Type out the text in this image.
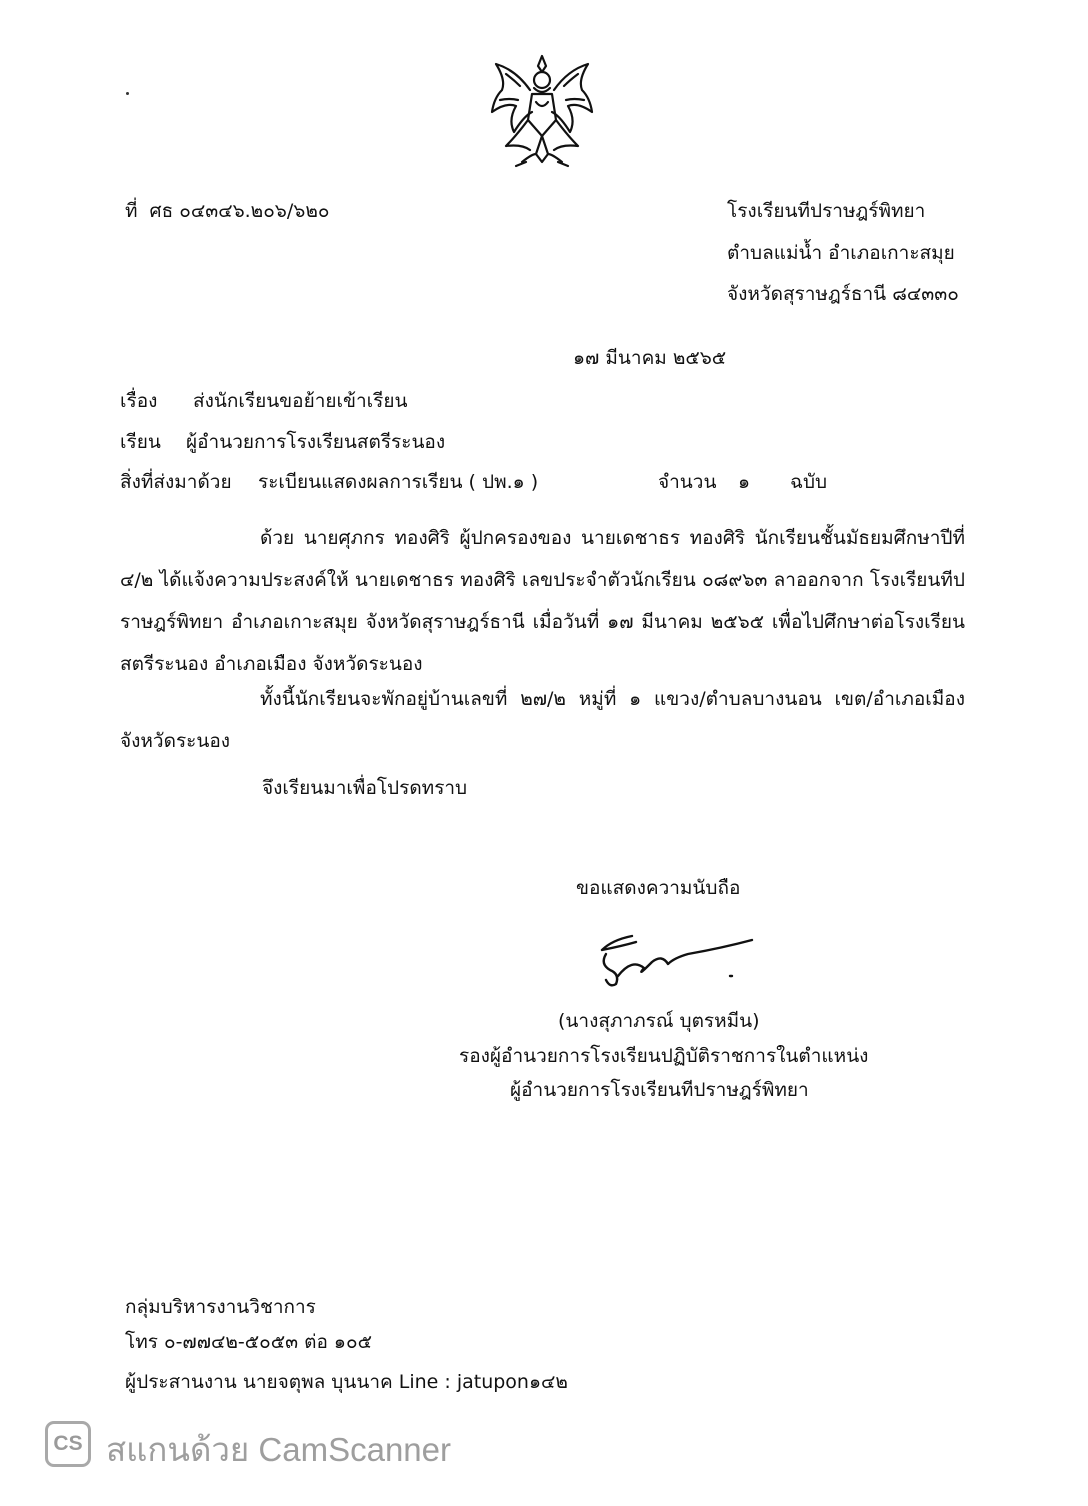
ที่ ศธ ๐๔๓๔๖.๒๐๖/๖๒๐	โรงเรียนทีปราษฎร์พิทยา
ตำบลแม่น้ำ อำเภอเกาะสมุย
จังหวัดสุราษฎร์ธานี ๘๔๓๓๐
๑๗ มีนาคม ๒๕๖๕
เรื่อง ส่งนักเรียนขอย้ายเข้าเรียน
เรียน ผู้อำนวยการโรงเรียนสตรีระนอง
สิ่งที่ส่งมาด้วย ระเบียนแสดงผลการเรียน ( ปพ.๑ )	จำนวน ๑ ฉบับ
ด้วย นายศุภกร ทองศิริ ผู้ปกครองของ นายเดชาธร ทองศิริ นักเรียนชั้นมัธยมศึกษาปีที่ ๔/๒ ได้แจ้งความประสงค์ให้ นายเดชาธร ทองศิริ เลขประจำตัวนักเรียน ๐๘๙๖๓ ลาออกจาก โรงเรียนทีปราษฎร์พิทยา อำเภอเกาะสมุย จังหวัดสุราษฎร์ธานี เมื่อวันที่ ๑๗ มีนาคม ๒๕๖๕ เพื่อไปศึกษาต่อโรงเรียนสตรีระนอง อำเภอเมือง จังหวัดระนอง
ทั้งนี้นักเรียนจะพักอยู่บ้านเลขที่ ๒๗/๒ หมู่ที่ ๑ แขวง/ตำบลบางนอน เขต/อำเภอเมือง จังหวัดระนอง
จึงเรียนมาเพื่อโปรดทราบ
ขอแสดงความนับถือ
(นางสุภาภรณ์ บุตรหมีน)
รองผู้อำนวยการโรงเรียนปฏิบัติราชการในตำแหน่ง
ผู้อำนวยการโรงเรียนทีปราษฎร์พิทยา
กลุ่มบริหารงานวิชาการ
โทร ๐-๗๗๔๒-๕๐๕๓ ต่อ ๑๐๕
ผู้ประสานงาน นายจตุพล บุนนาค Line : jatupon๑๔๒
CS สแกนด้วย CamScanner
